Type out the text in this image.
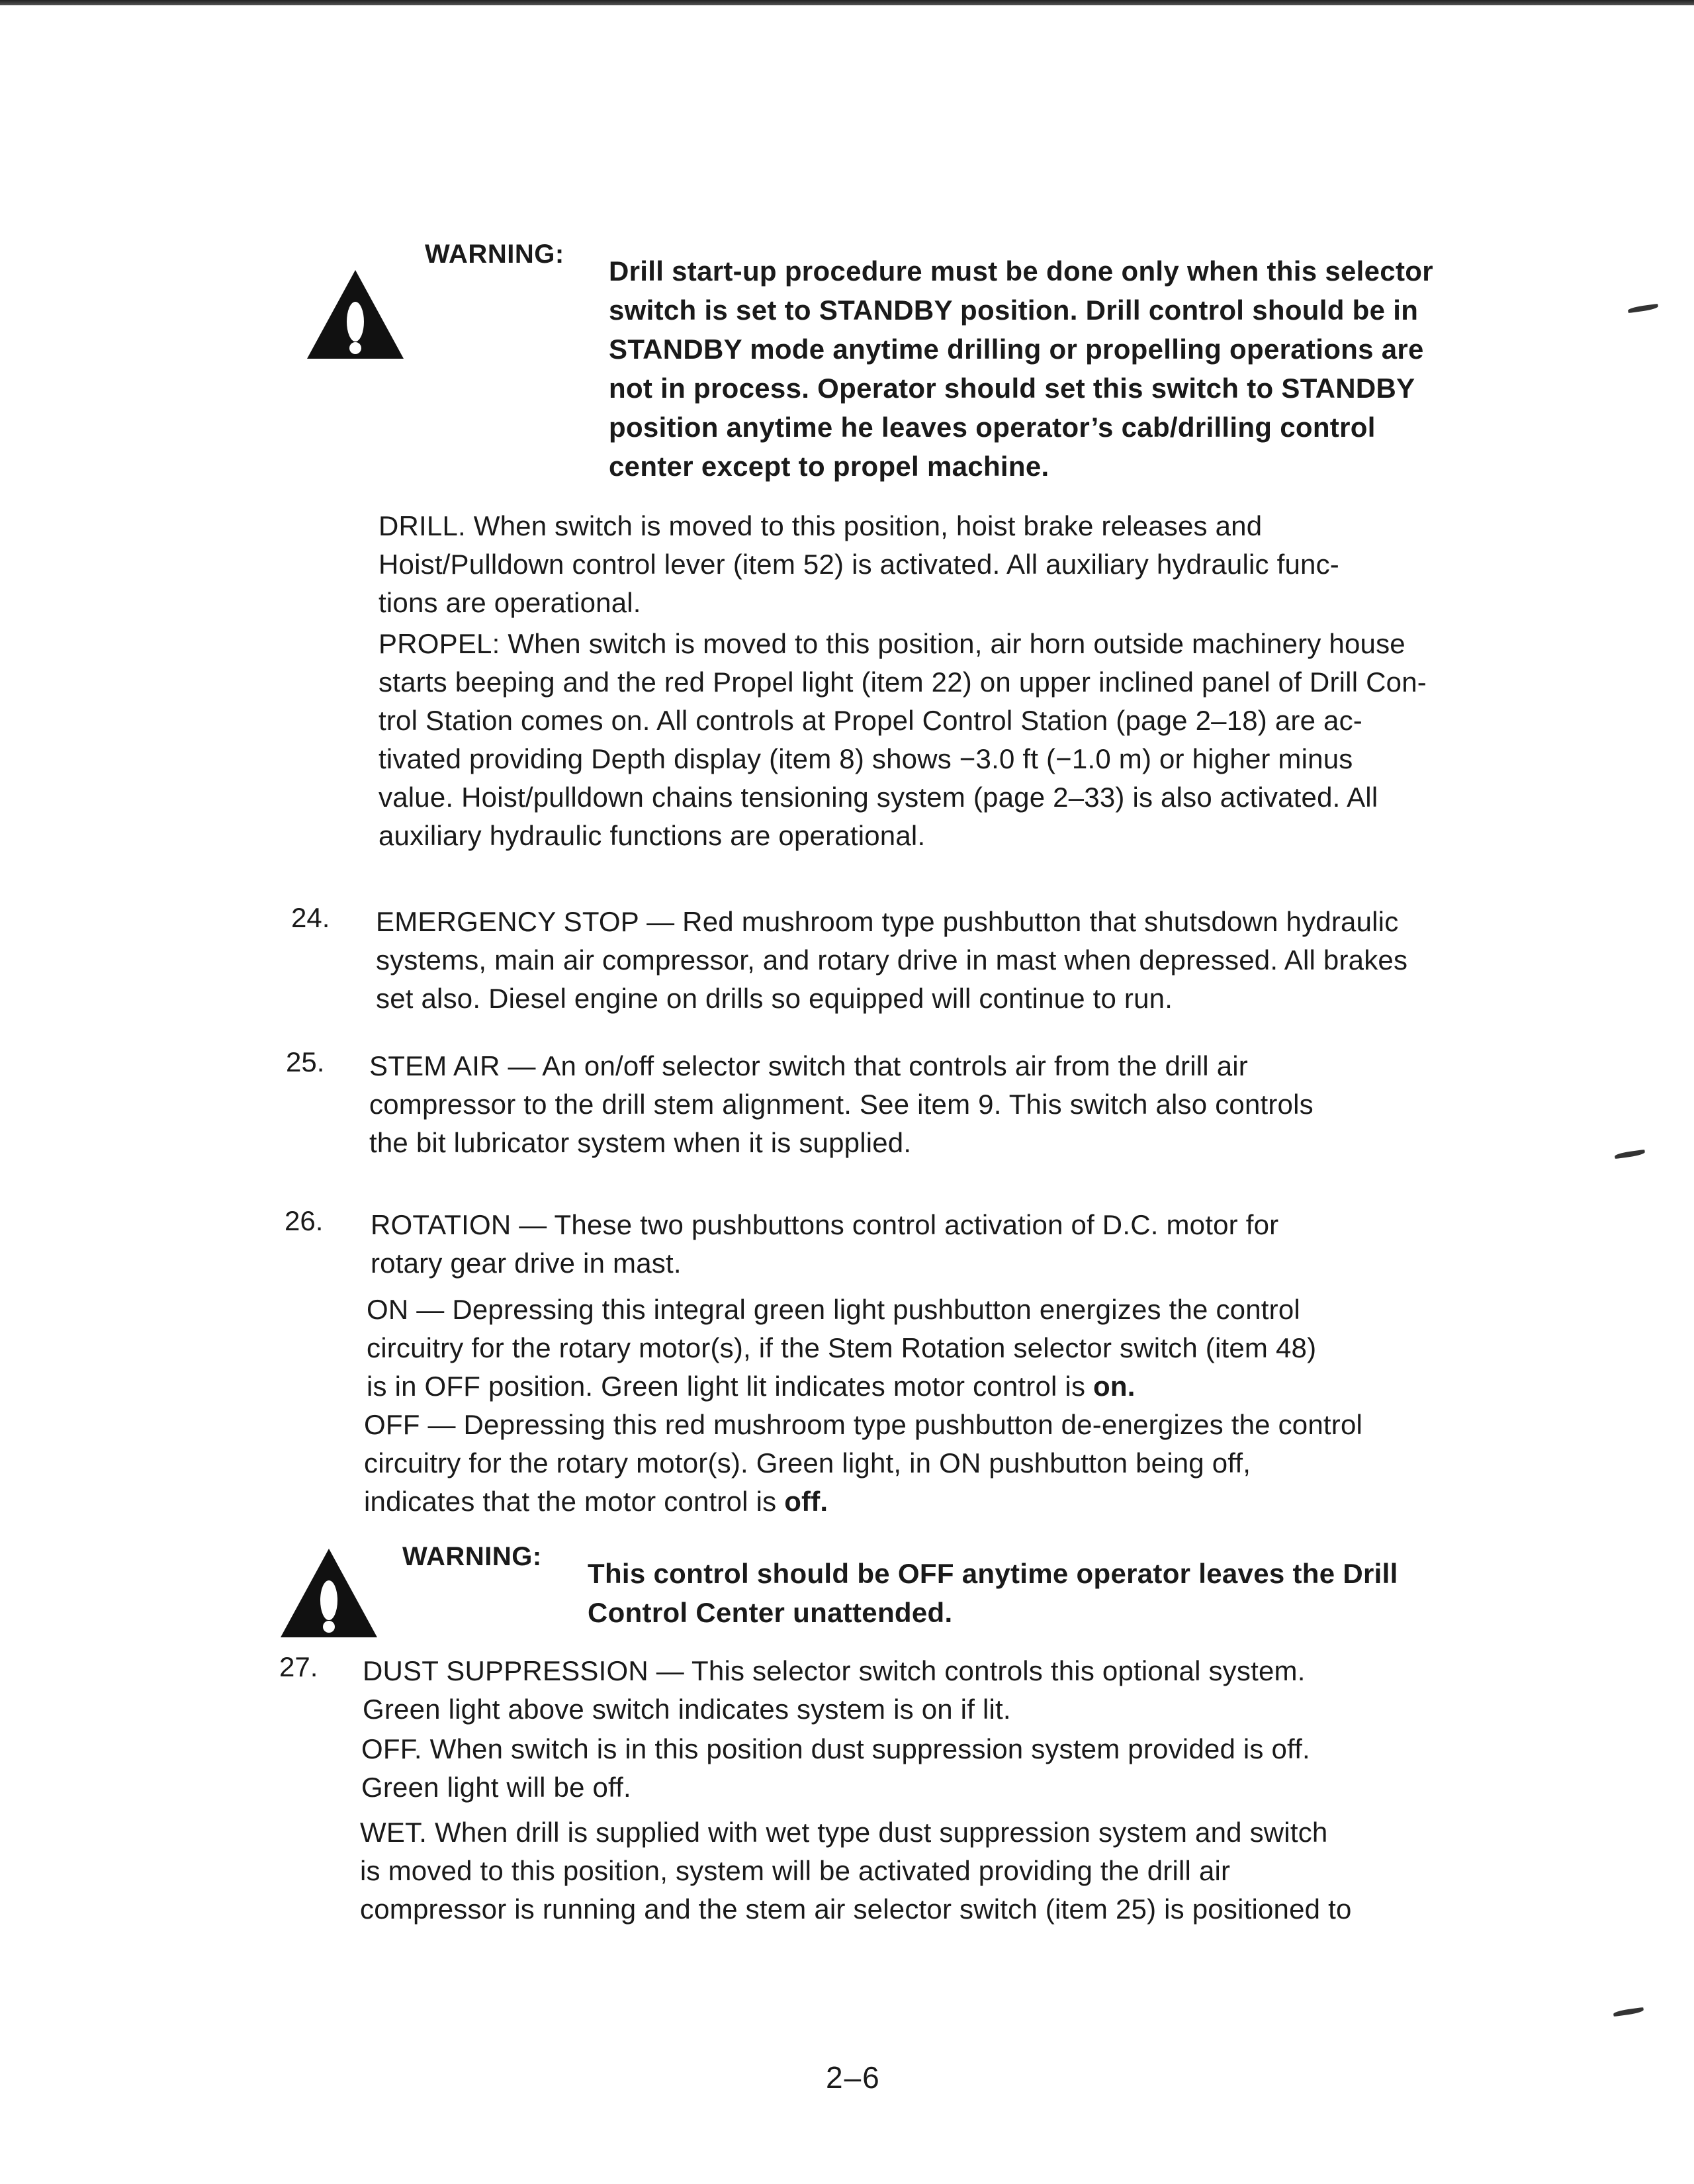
WARNING:
Drill start-up procedure must be done only when this selector
switch is set to STANDBY position. Drill control should be in
STANDBY mode anytime drilling or propelling operations are
not in process. Operator should set this switch to STANDBY
position anytime he leaves operator’s cab/drilling control
center except to propel machine.
DRILL. When switch is moved to this position, hoist brake releases and
Hoist/Pulldown control lever (item 52) is activated. All auxiliary hydraulic func-
tions are operational.
PROPEL: When switch is moved to this position, air horn outside machinery house
starts beeping and the red Propel light (item 22) on upper inclined panel of Drill Con-
trol Station comes on. All controls at Propel Control Station (page 2–18) are ac-
tivated providing Depth display (item 8) shows −3.0 ft (−1.0 m) or higher minus
value. Hoist/pulldown chains tensioning system (page 2–33) is also activated. All
auxiliary hydraulic functions are operational.
24. EMERGENCY STOP — Red mushroom type pushbutton that shutsdown hydraulic
systems, main air compressor, and rotary drive in mast when depressed. All brakes
set also. Diesel engine on drills so equipped will continue to run.
25. STEM AIR — An on/off selector switch that controls air from the drill air
compressor to the drill stem alignment. See item 9. This switch also controls
the bit lubricator system when it is supplied.
26. ROTATION — These two pushbuttons control activation of D.C. motor for
rotary gear drive in mast.
ON — Depressing this integral green light pushbutton energizes the control
circuitry for the rotary motor(s), if the Stem Rotation selector switch (item 48)
is in OFF position. Green light lit indicates motor control is on.
OFF — Depressing this red mushroom type pushbutton de-energizes the control
circuitry for the rotary motor(s). Green light, in ON pushbutton being off,
indicates that the motor control is off.
WARNING:
This control should be OFF anytime operator leaves the Drill
Control Center unattended.
27. DUST SUPPRESSION — This selector switch controls this optional system.
Green light above switch indicates system is on if lit.
OFF. When switch is in this position dust suppression system provided is off.
Green light will be off.
WET. When drill is supplied with wet type dust suppression system and switch
is moved to this position, system will be activated providing the drill air
compressor is running and the stem air selector switch (item 25) is positioned to
2–6
